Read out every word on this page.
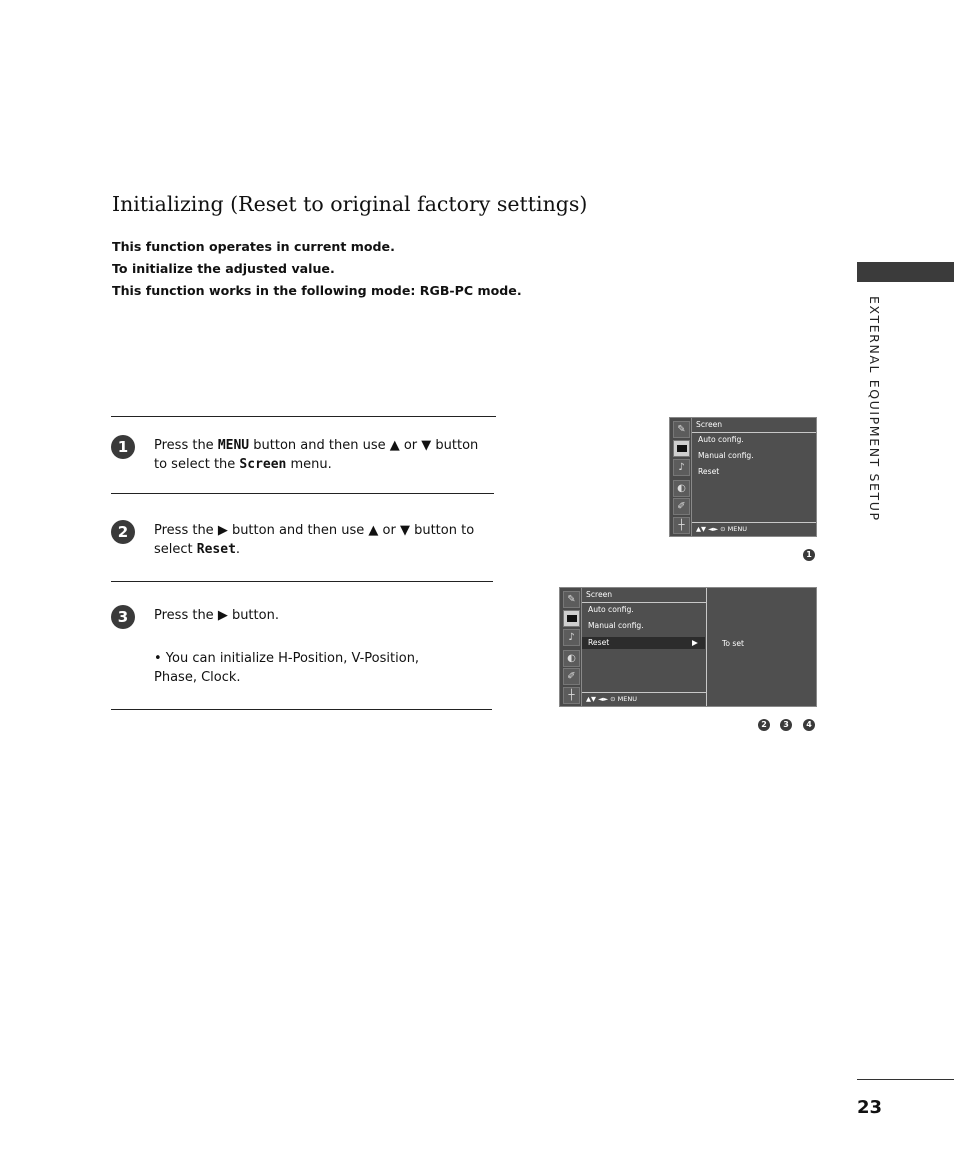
EXTERNAL EQUIPMENT SETUP
Initializing (Reset to original factory settings)
This function operates in current mode.
To initialize the adjusted value.
This function works in the following mode: RGB-PC mode.
1	Press the MENU button and then use ▲ or ▼ button to select the Screen menu.
2	Press the ▶ button and then use ▲ or ▼ button to select Reset.
3	Press the ▶ button.
• You can initialize H-Position, V-Position, Phase, Clock.
✎
♪
◐
✐
┼
Screen
Auto config.
Manual config.
Reset
▲▼ ◄► ⊙ MENU
1
✎
♪
◐
✐
┼
Screen
Auto config.
Manual config.
Reset	▶	To set
▲▼ ◄► ⊙ MENU
2	3	4
23
